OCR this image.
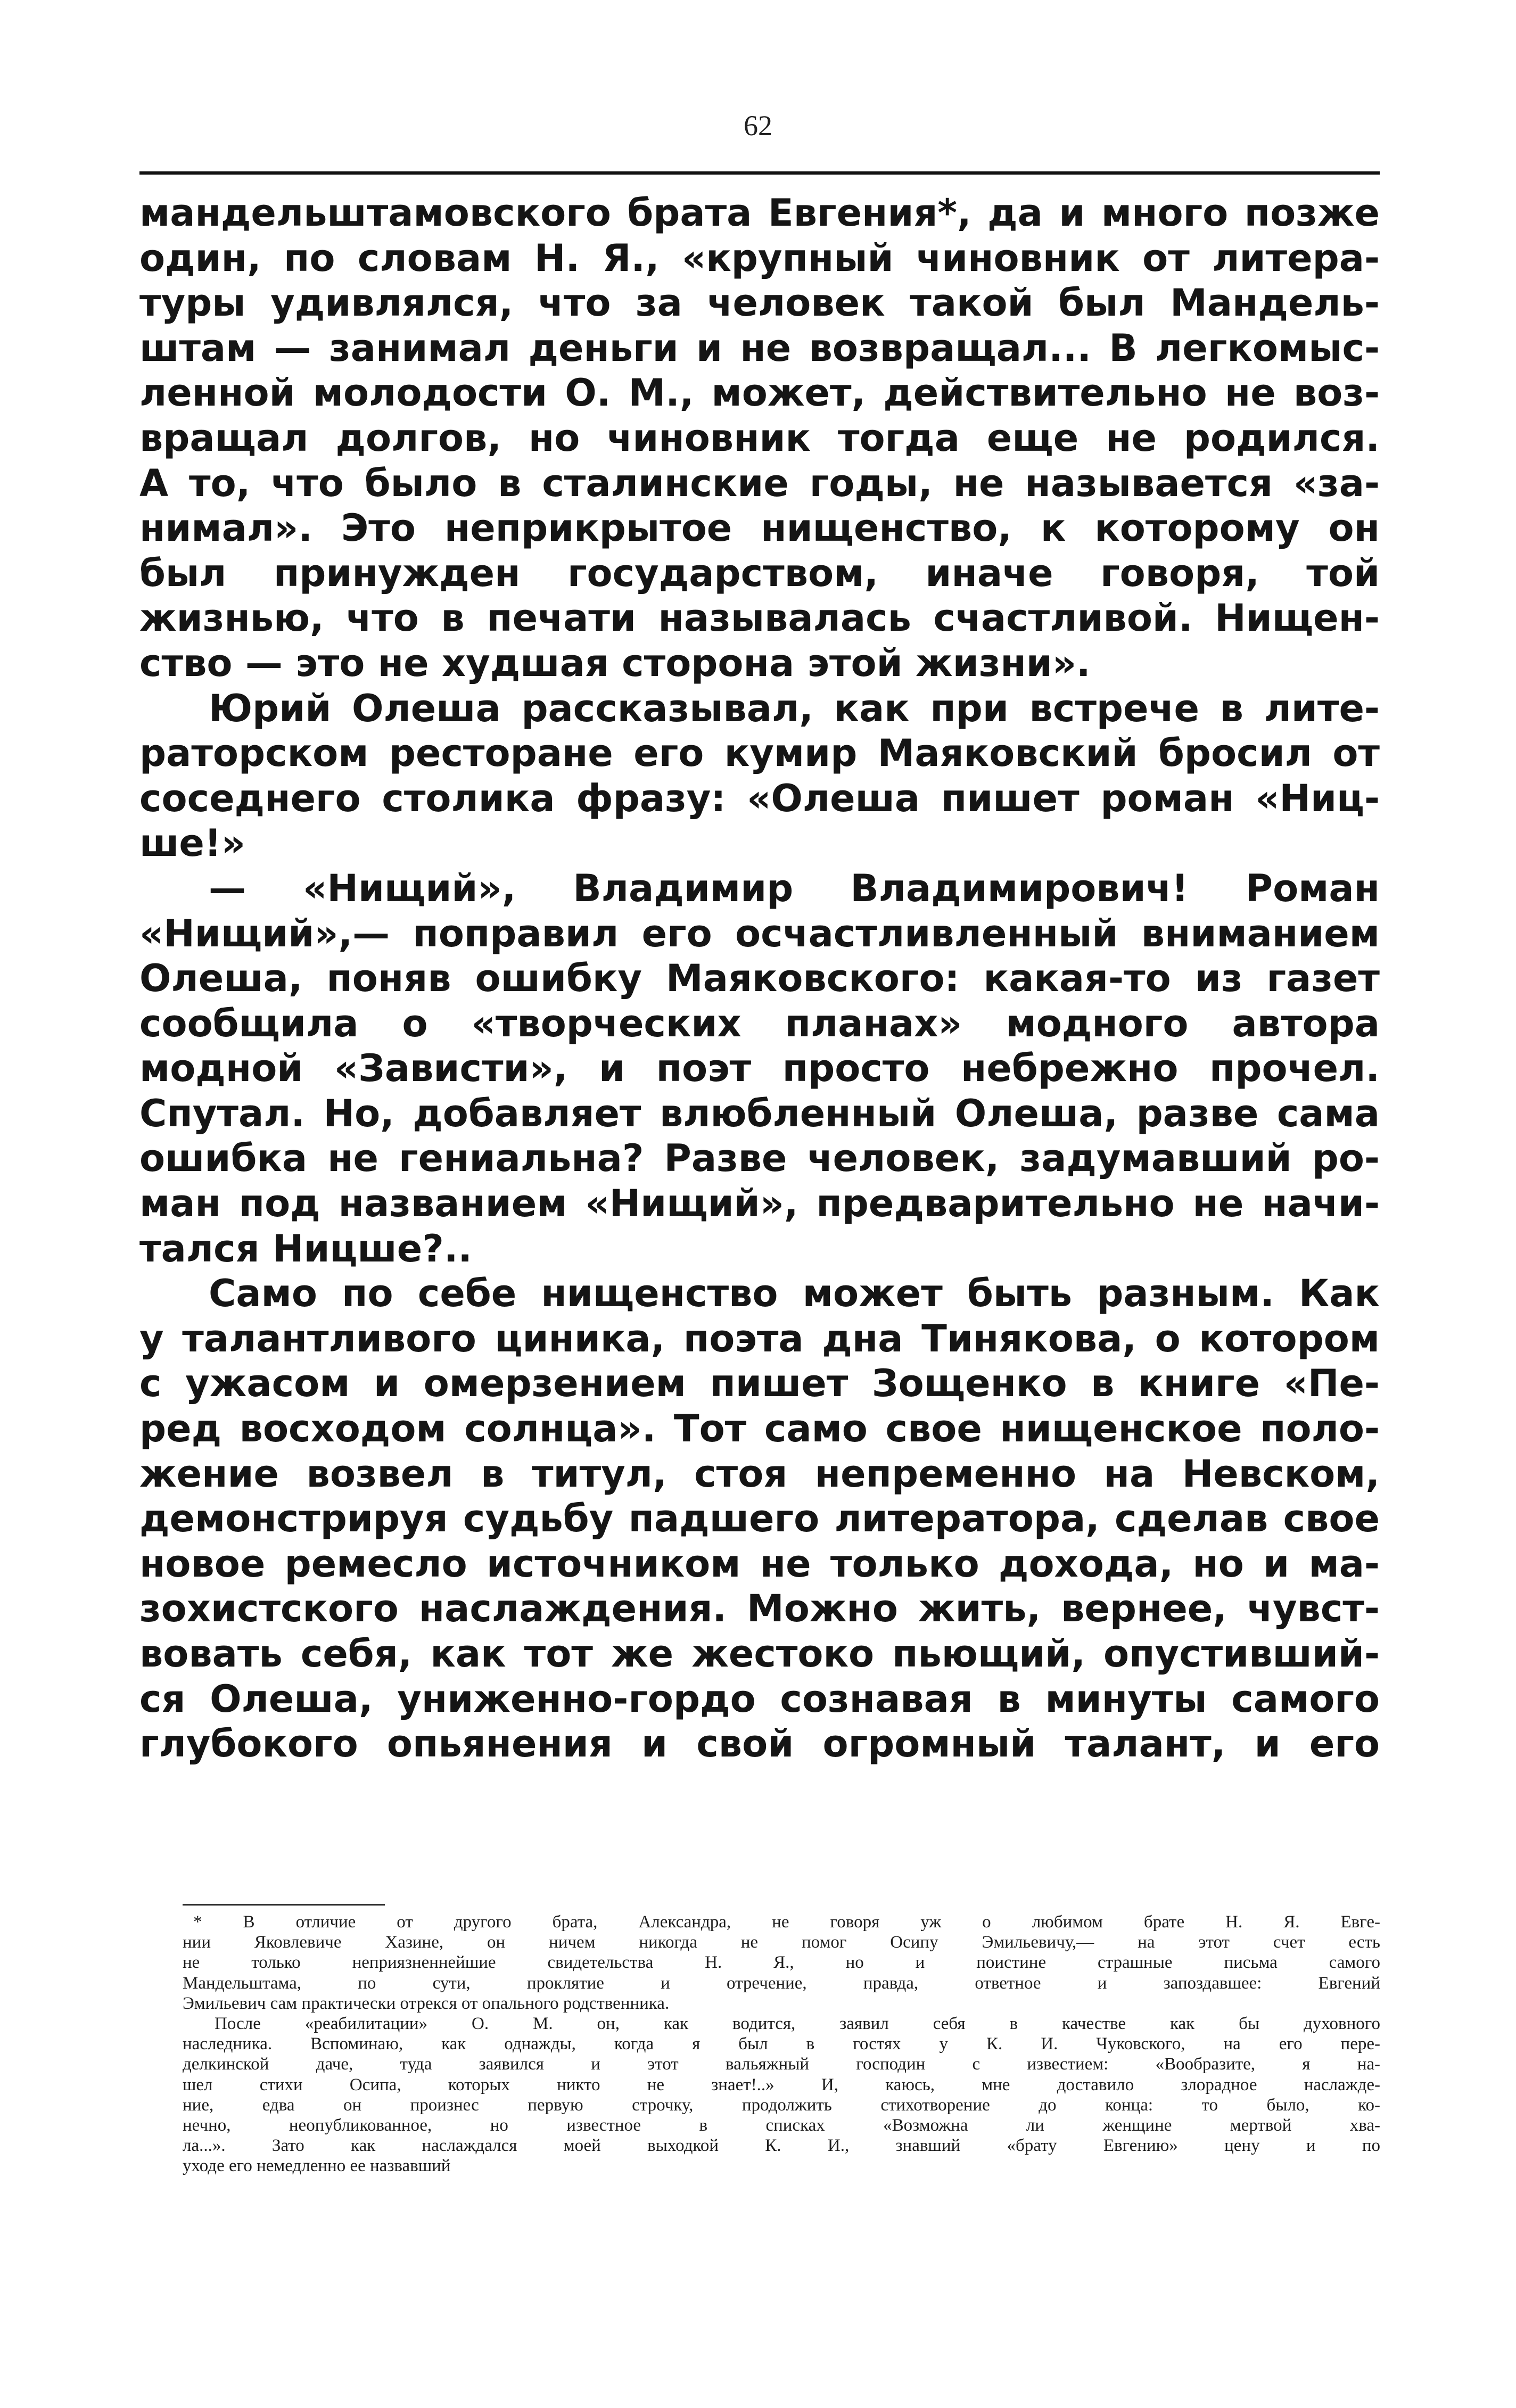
62
мандельштамовского брата Евгения*, да и много позже
один, по словам Н. Я., «крупный чиновник от литера-
туры удивлялся, что за человек такой был Мандель-
штам — занимал деньги и не возвращал... В легкомыс-
ленной молодости О. М., может, действительно не воз-
вращал долгов, но чиновник тогда еще не родился.
А то, что было в сталинские годы, не называется «за-
нимал». Это неприкрытое нищенство, к которому он
был принужден государством, иначе говоря, той
жизнью, что в печати называлась счастливой. Нищен-
ство — это не худшая сторона этой жизни».
Юрий Олеша рассказывал, как при встрече в лите-
раторском ресторане его кумир Маяковский бросил от
соседнего столика фразу: «Олеша пишет роман «Ниц-
ше!»
— «Нищий», Владимир Владимирович! Роман
«Нищий»,— поправил его осчастливленный вниманием
Олеша, поняв ошибку Маяковского: какая-то из газет
сообщила о «творческих планах» модного автора
модной «Зависти», и поэт просто небрежно прочел.
Спутал. Но, добавляет влюбленный Олеша, разве сама
ошибка не гениальна? Разве человек, задумавший ро-
ман под названием «Нищий», предварительно не начи-
тался Ницше?..
Само по себе нищенство может быть разным. Как
у талантливого циника, поэта дна Тинякова, о котором
с ужасом и омерзением пишет Зощенко в книге «Пе-
ред восходом солнца». Тот само свое нищенское поло-
жение возвел в титул, стоя непременно на Невском,
демонстрируя судьбу падшего литератора, сделав свое
новое ремесло источником не только дохода, но и ма-
зохистского наслаждения. Можно жить, вернее, чувст-
вовать себя, как тот же жестоко пьющий, опустивший-
ся Олеша, униженно-гордо сознавая в минуты самого
глубокого опьянения и свой огромный талант, и его
* В отличие от другого брата, Александра, не говоря уж о любимом брате Н. Я. Евге-
нии Яковлевиче Хазине, он ничем никогда не помог Осипу Эмильевичу,— на этот счет есть
не только неприязненнейшие свидетельства Н. Я., но и поистине страшные письма самого
Мандельштама, по сути, проклятие и отречение, правда, ответное и запоздавшее: Евгений
Эмильевич сам практически отрекся от опального родственника.
После «реабилитации» О. М. он, как водится, заявил себя в качестве как бы духовного
наследника. Вспоминаю, как однажды, когда я был в гостях у К. И. Чуковского, на его пере-
делкинской даче, туда заявился и этот вальяжный господин с известием: «Вообразите, я на-
шел стихи Осипа, которых никто не знает!..» И, каюсь, мне доставило злорадное наслажде-
ние, едва он произнес первую строчку, продолжить стихотворение до конца: то было, ко-
нечно, неопубликованное, но известное в списках «Возможна ли женщине мертвой хва-
ла...». Зато как наслаждался моей выходкой К. И., знавший «брату Евгению» цену и по
уходе его немедленно ее назвавший
